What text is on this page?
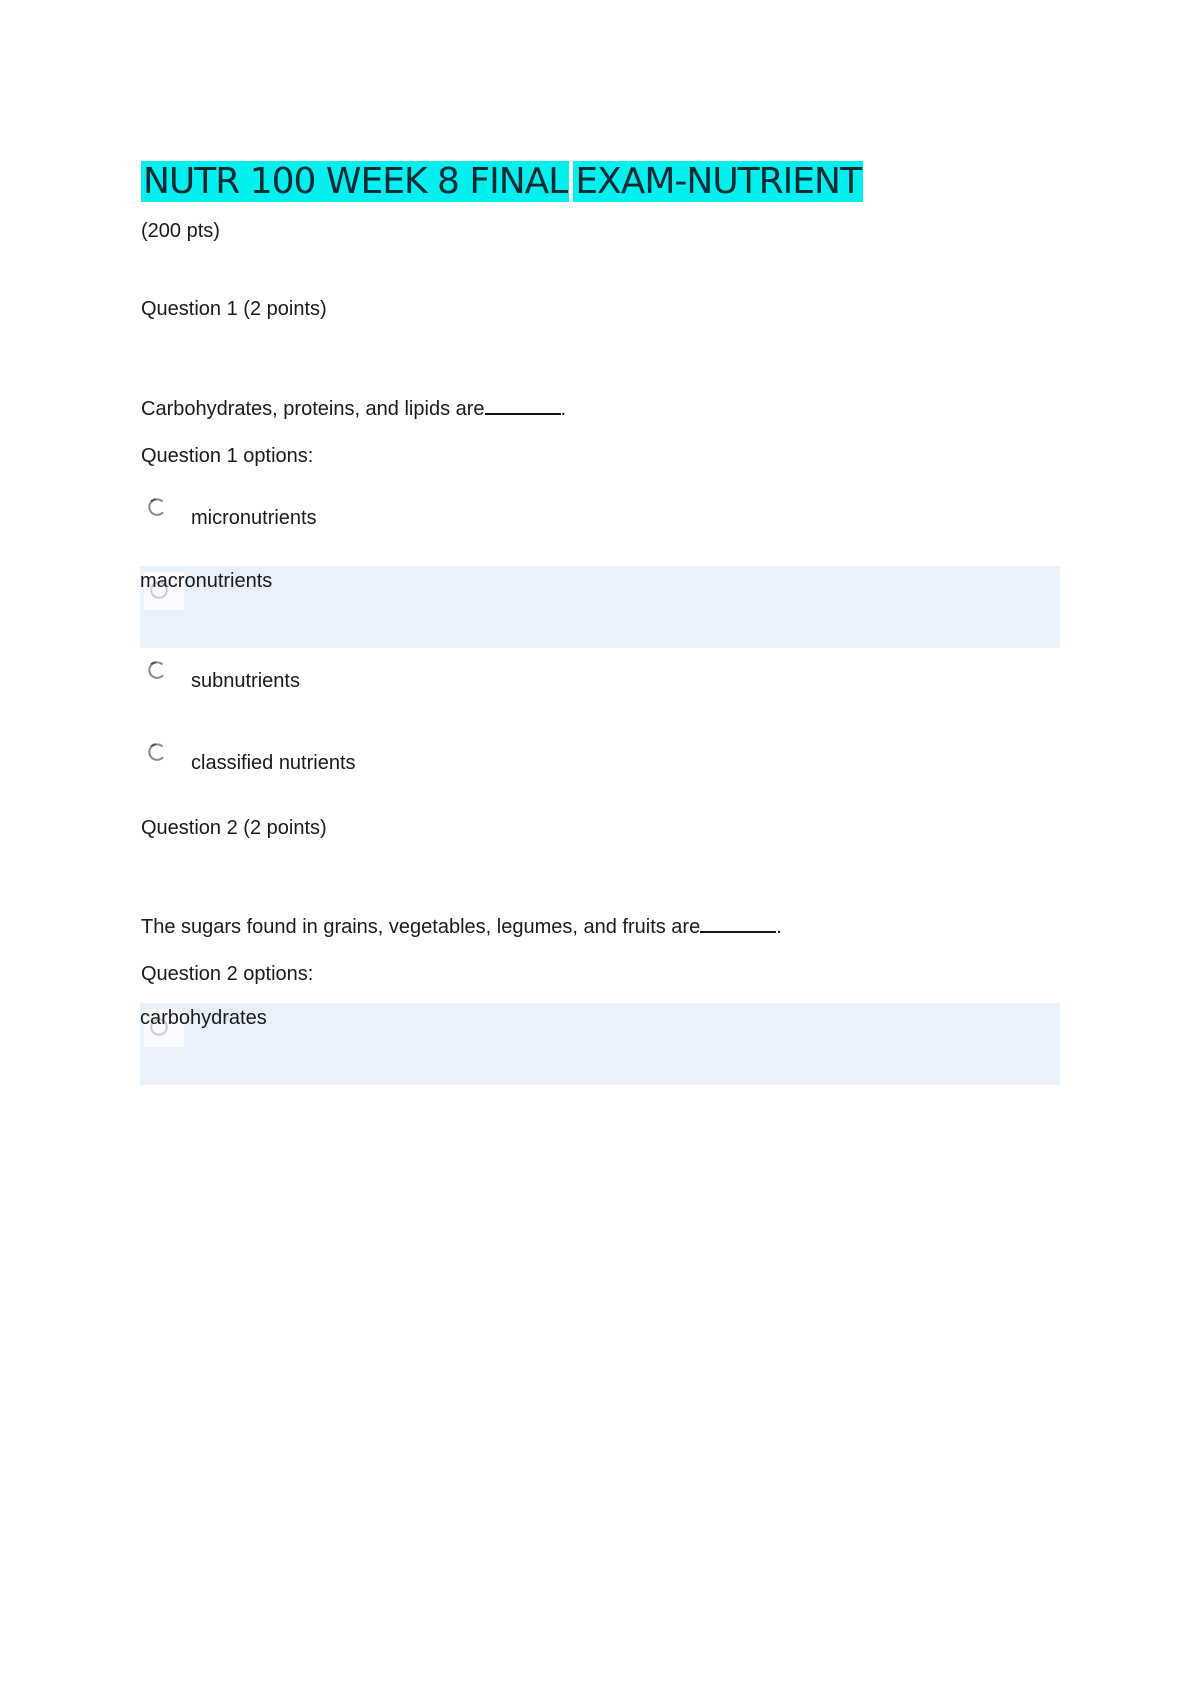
NUTR 100 WEEK 8 FINAL EXAM-NUTRIENT

(200 pts)

Question 1 (2 points)

Carbohydrates, proteins, and lipids are	.

Question 1 options:

micronutrients
macronutrients
subnutrients
classified nutrients

Question 2 (2 points)

The sugars found in grains, vegetables, legumes, and fruits are	.

Question 2 options:

carbohydrates
